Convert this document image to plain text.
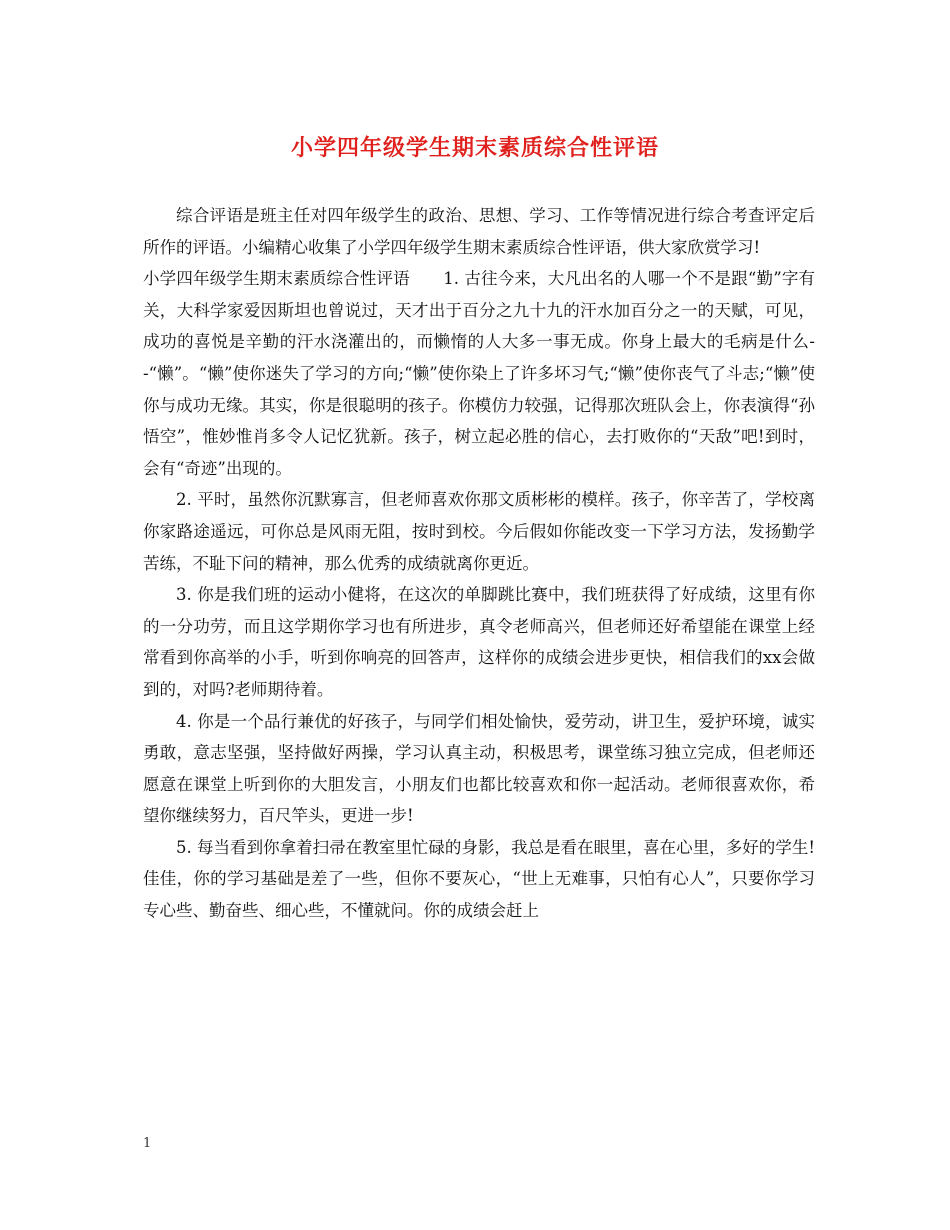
小学四年级学生期末素质综合性评语

综合评语是班主任对四年级学生的政治、思想、学习、工作等情况进行综合考查评定后所作的评语。小编精心收集了小学四年级学生期末素质综合性评语，供大家欣赏学习!

小学四年级学生期末素质综合性评语　　1. 古往今来，大凡出名的人哪一个不是跟“勤”字有关，大科学家爱因斯坦也曾说过，天才出于百分之九十九的汗水加百分之一的天赋，可见，成功的喜悦是辛勤的汗水浇灌出的，而懒惰的人大多一事无成。你身上最大的毛病是什么--“懒”。“懒”使你迷失了学习的方向;“懒”使你染上了许多坏习气;“懒”使你丧气了斗志;“懒”使你与成功无缘。其实，你是很聪明的孩子。你模仿力较强，记得那次班队会上，你表演得“孙悟空”，惟妙惟肖多令人记忆犹新。孩子，树立起必胜的信心，去打败你的“天敌”吧!到时，会有“奇迹”出现的。

2. 平时，虽然你沉默寡言，但老师喜欢你那文质彬彬的模样。孩子，你辛苦了，学校离你家路途遥远，可你总是风雨无阻，按时到校。今后假如你能改变一下学习方法，发扬勤学苦练，不耻下问的精神，那么优秀的成绩就离你更近。

3. 你是我们班的运动小健将，在这次的单脚跳比赛中，我们班获得了好成绩，这里有你的一分功劳，而且这学期你学习也有所进步，真令老师高兴，但老师还好希望能在课堂上经常看到你高举的小手，听到你响亮的回答声，这样你的成绩会进步更快，相信我们的xx会做到的，对吗?老师期待着。

4. 你是一个品行兼优的好孩子，与同学们相处愉快，爱劳动，讲卫生，爱护环境，诚实勇敢，意志坚强，坚持做好两操，学习认真主动，积极思考，课堂练习独立完成，但老师还愿意在课堂上听到你的大胆发言，小朋友们也都比较喜欢和你一起活动。老师很喜欢你，希望你继续努力，百尺竿头，更进一步!

5. 每当看到你拿着扫帚在教室里忙碌的身影，我总是看在眼里，喜在心里，多好的学生!佳佳，你的学习基础是差了一些，但你不要灰心，“世上无难事，只怕有心人”，只要你学习专心些、勤奋些、细心些，不懂就问。你的成绩会赶上

1
